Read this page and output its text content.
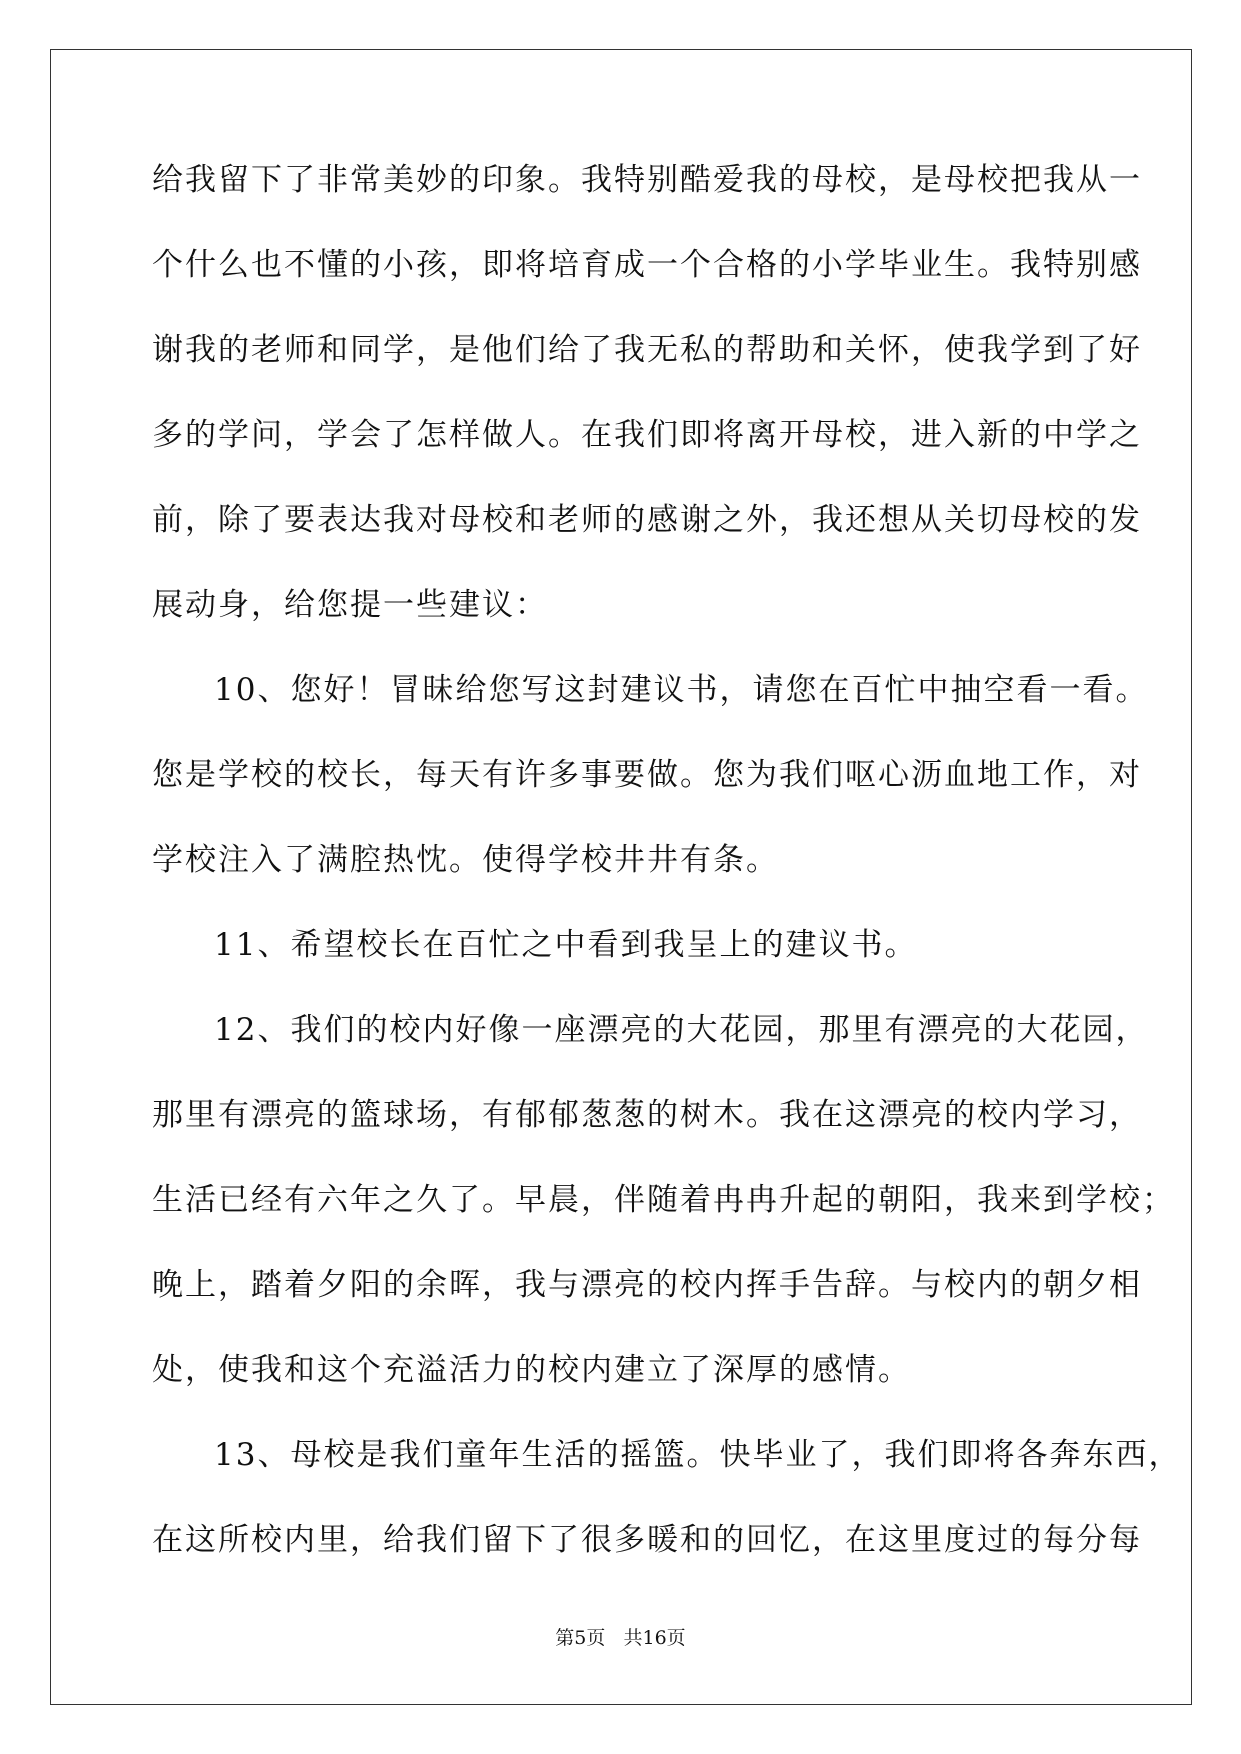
给我留下了非常美妙的印象。我特别酷爱我的母校，是母校把我从一
个什么也不懂的小孩，即将培育成一个合格的小学毕业生。我特别感
谢我的老师和同学，是他们给了我无私的帮助和关怀，使我学到了好
多的学问，学会了怎样做人。在我们即将离开母校，进入新的中学之
前，除了要表达我对母校和老师的感谢之外，我还想从关切母校的发
展动身，给您提一些建议：
10、您好！冒昧给您写这封建议书，请您在百忙中抽空看一看。
您是学校的校长，每天有许多事要做。您为我们呕心沥血地工作，对
学校注入了满腔热忱。使得学校井井有条。
11、希望校长在百忙之中看到我呈上的建议书。
12、我们的校内好像一座漂亮的大花园，那里有漂亮的大花园，
那里有漂亮的篮球场，有郁郁葱葱的树木。我在这漂亮的校内学习，
生活已经有六年之久了。早晨，伴随着冉冉升起的朝阳，我来到学校；
晚上，踏着夕阳的余晖，我与漂亮的校内挥手告辞。与校内的朝夕相
处，使我和这个充溢活力的校内建立了深厚的感情。
13、母校是我们童年生活的摇篮。快毕业了，我们即将各奔东西，
在这所校内里，给我们留下了很多暖和的回忆，在这里度过的每分每
第5页   共16页
